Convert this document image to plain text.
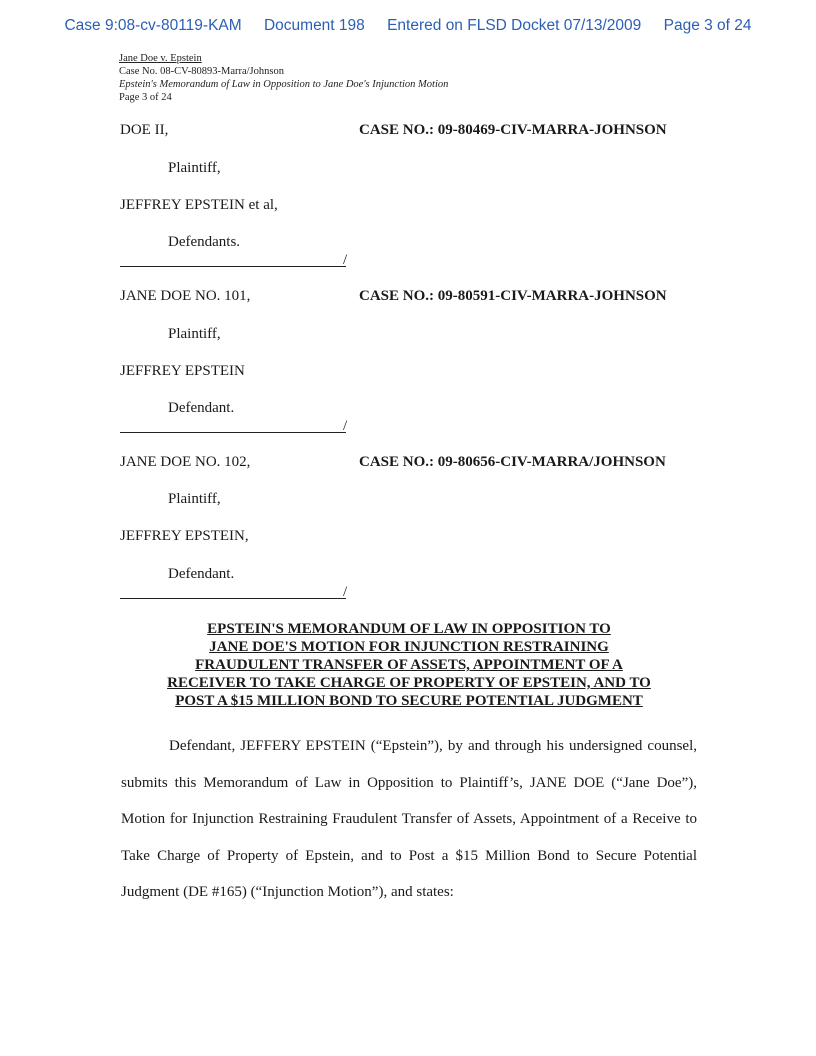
Case 9:08-cv-80119-KAM Document 198 Entered on FLSD Docket 07/13/2009 Page 3 of 24
Jane Doe v. Epstein
Case No. 08-CV-80893-Marra/Johnson
Epstein's Memorandum of Law in Opposition to Jane Doe's Injunction Motion
Page 3 of 24
DOE II,	CASE NO.: 09-80469-CIV-MARRA-JOHNSON
Plaintiff,
JEFFREY EPSTEIN et al,
Defendants.
/
JANE DOE NO. 101,	CASE NO.: 09-80591-CIV-MARRA-JOHNSON
Plaintiff,
JEFFREY EPSTEIN
Defendant.
/
JANE DOE NO. 102,	CASE NO.: 09-80656-CIV-MARRA/JOHNSON
Plaintiff,
JEFFREY EPSTEIN,
Defendant.
/
EPSTEIN'S MEMORANDUM OF LAW IN OPPOSITION TO
JANE DOE'S MOTION FOR INJUNCTION RESTRAINING
FRAUDULENT TRANSFER OF ASSETS, APPOINTMENT OF A
RECEIVER TO TAKE CHARGE OF PROPERTY OF EPSTEIN, AND TO
POST A $15 MILLION BOND TO SECURE POTENTIAL JUDGMENT

Defendant, JEFFERY EPSTEIN (“Epstein”), by and through his undersigned counsel, submits this Memorandum of Law in Opposition to Plaintiff’s, JANE DOE (“Jane Doe”), Motion for Injunction Restraining Fraudulent Transfer of Assets, Appointment of a Receive to Take Charge of Property of Epstein, and to Post a $15 Million Bond to Secure Potential Judgment (DE #165) (“Injunction Motion”), and states:
